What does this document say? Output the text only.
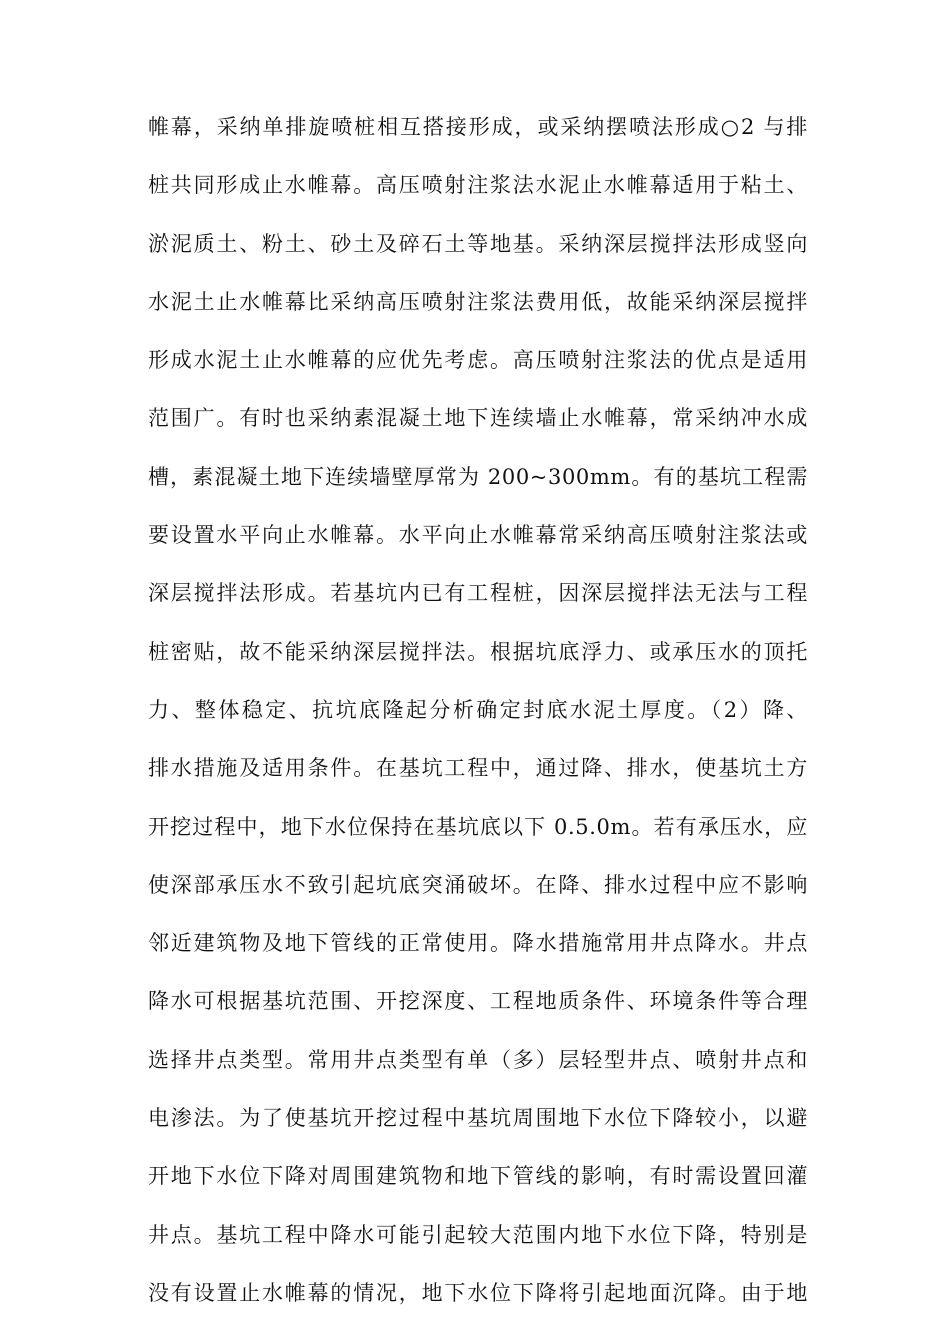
帷幕，采纳单排旋喷桩相互搭接形成，或采纳摆喷法形成○2 与排
桩共同形成止水帷幕。高压喷射注浆法水泥止水帷幕适用于粘土、
淤泥质土、粉土、砂土及碎石土等地基。采纳深层搅拌法形成竖向
水泥土止水帷幕比采纳高压喷射注浆法费用低，故能采纳深层搅拌
形成水泥土止水帷幕的应优先考虑。高压喷射注浆法的优点是适用
范围广。有时也采纳素混凝土地下连续墙止水帷幕，常采纳冲水成
槽，素混凝土地下连续墙壁厚常为 200~300mm。有的基坑工程需
要设置水平向止水帷幕。水平向止水帷幕常采纳高压喷射注浆法或
深层搅拌法形成。若基坑内已有工程桩，因深层搅拌法无法与工程
桩密贴，故不能采纳深层搅拌法。根据坑底浮力、或承压水的顶托
力、整体稳定、抗坑底隆起分析确定封底水泥土厚度。（2）降、
排水措施及适用条件。在基坑工程中，通过降、排水，使基坑土方
开挖过程中，地下水位保持在基坑底以下 0.5.0m。若有承压水，应
使深部承压水不致引起坑底突涌破坏。在降、排水过程中应不影响
邻近建筑物及地下管线的正常使用。降水措施常用井点降水。井点
降水可根据基坑范围、开挖深度、工程地质条件、环境条件等合理
选择井点类型。常用井点类型有单（多）层轻型井点、喷射井点和
电渗法。为了使基坑开挖过程中基坑周围地下水位下降较小，以避
开地下水位下降对周围建筑物和地下管线的影响，有时需设置回灌
井点。基坑工程中降水可能引起较大范围内地下水位下降，特别是
没有设置止水帷幕的情况，地下水位下降将引起地面沉降。由于地
